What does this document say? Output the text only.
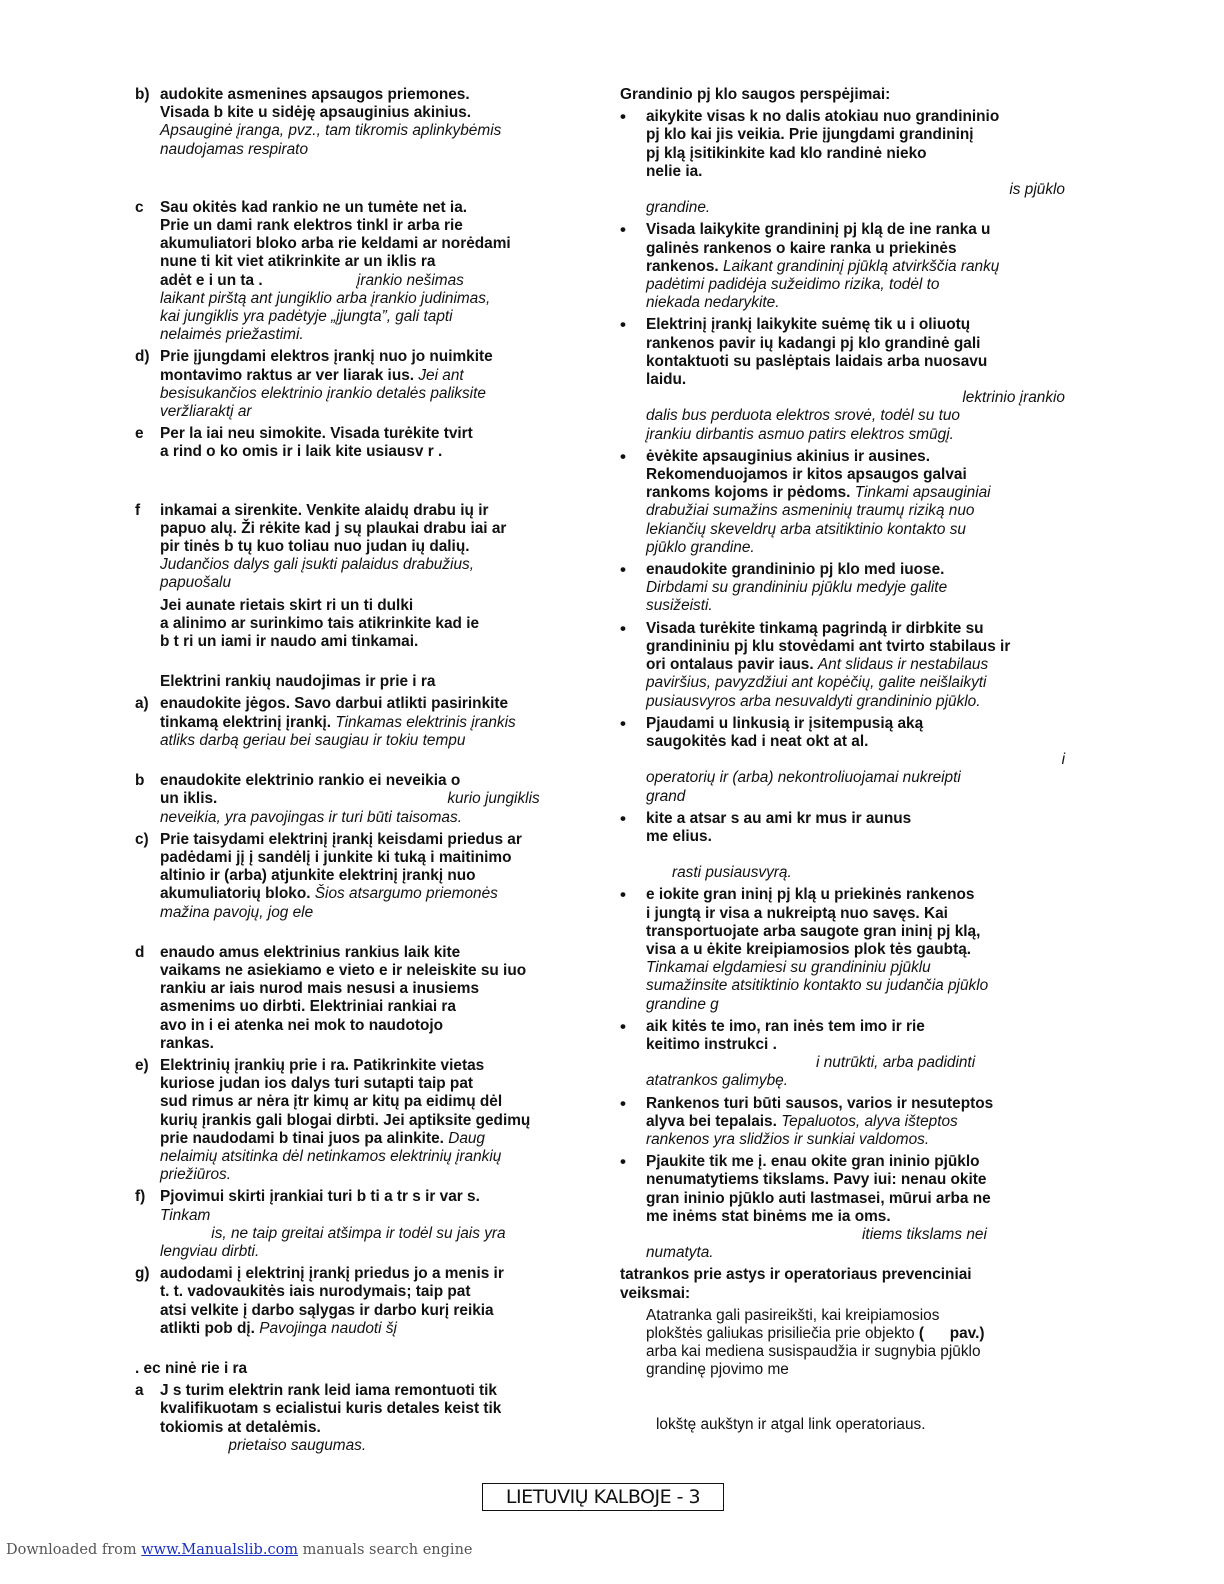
b) audokite asmenines apsaugos priemones.
Visada b kite u sidėję apsauginius akinius.
Apsauginė įranga, pvz., tam tikromis aplinkybėmis
naudojamas respirato
c	Sau okitės kad rankio ne un tumėte net ia.
Prie un dami rank elektros tinkl ir arba rie
akumuliatori bloko arba rie keldami ar norėdami
nune ti kit viet atikrinkite ar un iklis ra
adėt e i un ta .	įrankio nešimas
laikant pirštą ant jungiklio arba įrankio judinimas,
kai jungiklis yra padėtyje „įjungta”, gali tapti
nelaimės priežastimi.
d) Prie įjungdami elektros įrankį nuo jo nuimkite
montavimo raktus ar ver liarak ius. Jei ant
besisukančios elektrinio įrankio detalės paliksite
veržliaraktį ar
e	Per la iai neu simokite. Visada turėkite tvirt
a rind o ko omis ir i laik kite usiausv r .
f	inkamai a sirenkite. Venkite alaidų drabu ių ir
papuo alų. Ži rėkite kad j sų plaukai drabu iai ar
pir tinės b tų kuo toliau nuo judan ių dalių.
Judančios dalys gali įsukti palaidus drabužius,
papuošalu
Jei aunate rietais skirt ri un ti dulki
a alinimo ar surinkimo tais atikrinkite kad ie
b t ri un iami ir naudo ami tinkamai.
Elektrini rankių naudojimas ir prie i ra
a) enaudokite jėgos. Savo darbui atlikti pasirinkite
tinkamą elektrinį įrankį. Tinkamas elektrinis įrankis
atliks darbą geriau bei saugiau ir tokiu tempu
b	enaudokite elektrinio rankio ei neveikia o
un iklis.	kurio jungiklis
neveikia, yra pavojingas ir turi būti taisomas.
c) Prie taisydami elektrinį įrankį keisdami priedus ar
padėdami jį į sandėlį i junkite ki tuką i maitinimo
altinio ir (arba) atjunkite elektrinį įrankį nuo
akumuliatorių bloko. Šios atsargumo priemonės
mažina pavojų, jog ele
d	enaudo amus elektrinius rankius laik kite
vaikams ne asiekiamo e vieto e ir neleiskite su iuo
rankiu ar iais nurod mais nesusi a inusiems
asmenims uo dirbti. Elektriniai rankiai ra
avo in i ei atenka nei mok to naudotojo
rankas.
e) Elektrinių įrankių prie i ra. Patikrinkite vietas
kuriose judan ios dalys turi sutapti taip pat
sud rimus ar nėra įtr kimų ar kitų pa eidimų dėl
kurių įrankis gali blogai dirbti. Jei aptiksite gedimų
prie naudodami b tinai juos pa alinkite. Daug
nelaimių atsitinka dėl netinkamos elektrinių įrankių
priežiūros.
f) Pjovimui skirti įrankiai turi b ti a tr s ir var s.
Tinkam
is, ne taip greitai atšimpa ir todėl su jais yra
lengviau dirbti.
g) audodami į elektrinį įrankį priedus jo a menis ir
t. t. vadovaukitės iais nurodymais; taip pat
atsi velkite į darbo sąlygas ir darbo kurį reikia
atlikti pob dį. Pavojinga naudoti šį
. ec ninė rie i ra
a	J s turim elektrin rank leid iama remontuoti tik
kvalifikuotam s ecialistui kuris detales keist tik
tokiomis at detalėmis.
prietaiso saugumas.
Grandinio pj klo saugos perspėjimai:
•	aikykite visas k no dalis atokiau nuo grandininio
pj klo kai jis veikia. Prie įjungdami grandininį
pj klą įsitikinkite kad klo randinė nieko
nelie ia.
is pjūklo
grandine.
•	Visada laikykite grandininį pj klą de ine ranka u
galinės rankenos o kaire ranka u priekinės
rankenos. Laikant grandininį pjūklą atvirkščia rankų
padėtimi padidėja sužeidimo rizika, todėl to
niekada nedarykite.
•	Elektrinį įrankį laikykite suėmę tik u i oliuotų
rankenos pavir ių kadangi pj klo grandinė gali
kontaktuoti su paslėptais laidais arba nuosavu
laidu.
lektrinio įrankio
dalis bus perduota elektros srovė, todėl su tuo
įrankiu dirbantis asmuo patirs elektros smūgį.
•	ėvėkite apsauginius akinius ir ausines.
Rekomenduojamos ir kitos apsaugos galvai
rankoms kojoms ir pėdoms. Tinkami apsauginiai
drabužiai sumažins asmeninių traumų riziką nuo
lekiančių skeveldrų arba atsitiktinio kontakto su
pjūklo grandine.
•	enaudokite grandininio pj klo med iuose.
Dirbdami su grandininiu pjūklu medyje galite
susižeisti.
•	Visada turėkite tinkamą pagrindą ir dirbkite su
grandininiu pj klu stovėdami ant tvirto stabilaus ir
ori ontalaus pavir iaus. Ant slidaus ir nestabilaus
paviršius, pavyzdžiui ant kopėčių, galite neišlaikyti
pusiausvyros arba nesuvaldyti grandininio pjūklo.
•	Pjaudami u linkusią ir įsitempusią aką
saugokitės kad i neat okt at al.
i
operatorių ir (arba) nekontroliuojamai nukreipti
grand
•	kite a atsar s au ami kr mus ir aunus
me elius.
rasti pusiausvyrą.
•	e iokite gran ininį pj klą u priekinės rankenos
i jungtą ir visa a nukreiptą nuo savęs. Kai
transportuojate arba saugote gran ininį pj klą,
visa a u ėkite kreipiamosios plok tės gaubtą.
Tinkamai elgdamiesi su grandininiu pjūklu
sumažinsite atsitiktinio kontakto su judančia pjūklo
grandine g
•	aik kitės te imo, ran inės tem imo ir rie
keitimo instrukci .
i nutrūkti, arba padidinti
atatrankos galimybę.
•	Rankenos turi būti sausos, varios ir nesuteptos
alyva bei tepalais. Tepaluotos, alyva išteptos
rankenos yra slidžios ir sunkiai valdomos.
•	Pjaukite tik me į. enau okite gran ininio pjūklo
nenumatytiems tikslams. Pavy iui: nenau okite
gran ininio pjūklo auti lastmasei, mūrui arba ne
me inėms stat binėms me ia oms.
itiems tikslams nei
numatyta.
tatrankos prie astys ir operatoriaus prevenciniai
veiksmai:
Atatranka gali pasireikšti, kai kreipiamosios
plokštės galiukas prisiliečia prie objekto (      pav.)
arba kai mediena susispaudžia ir sugnybia pjūklo
grandinę pjovimo me
lokštę aukštyn ir atgal link operatoriaus.
LIETUVIŲ KALBOJE - 3
Downloaded from www.Manualslib.com manuals search engine
